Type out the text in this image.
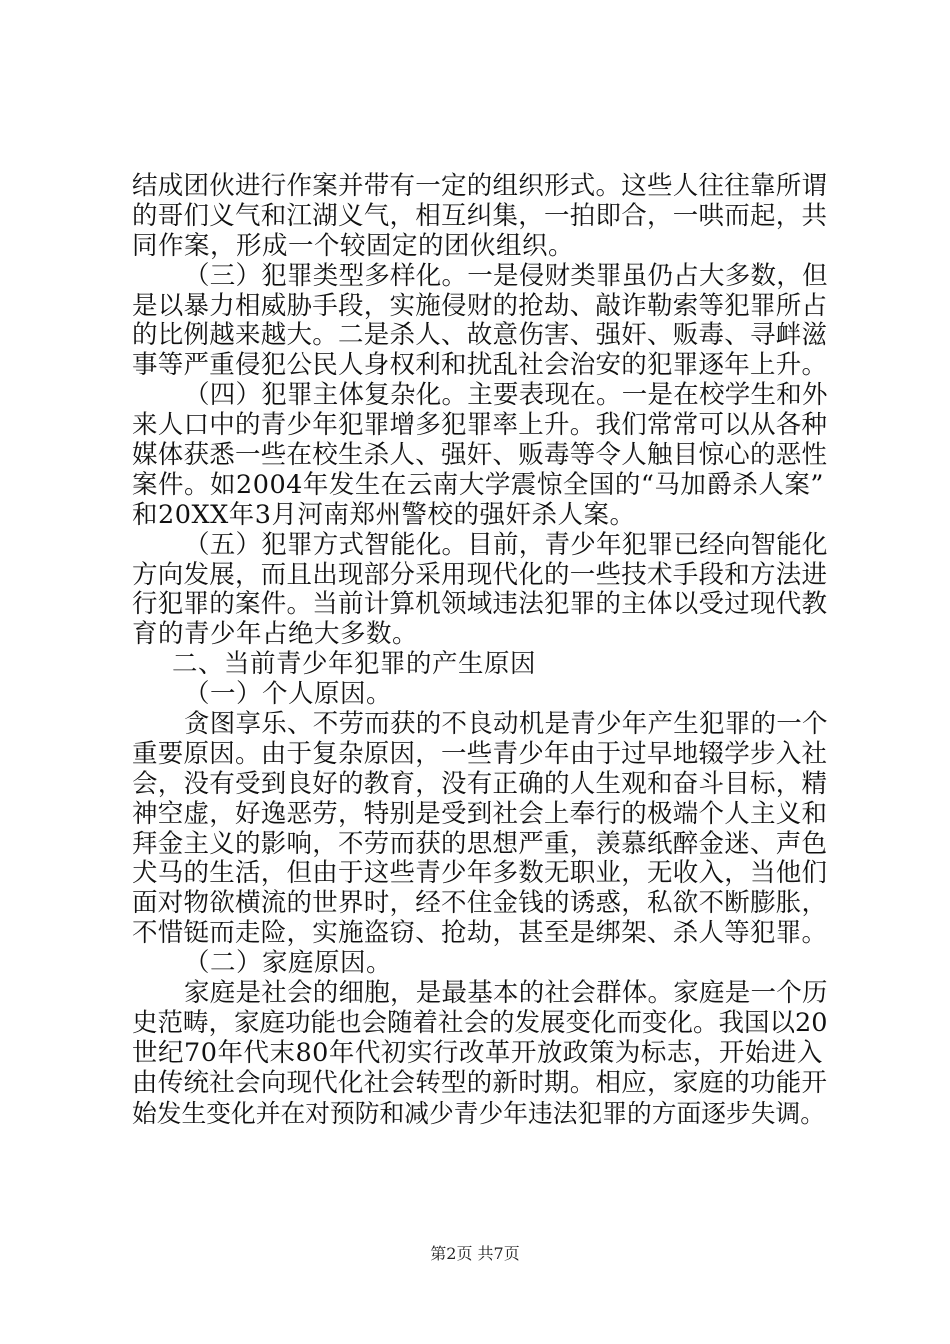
结成团伙进行作案并带有一定的组织形式。这些人往往靠所谓
的哥们义气和江湖义气，相互纠集，一拍即合，一哄而起，共
同作案，形成一个较固定的团伙组织。
（三）犯罪类型多样化。一是侵财类罪虽仍占大多数，但
是以暴力相威胁手段，实施侵财的抢劫、敲诈勒索等犯罪所占
的比例越来越大。二是杀人、故意伤害、强奸、贩毒、寻衅滋
事等严重侵犯公民人身权利和扰乱社会治安的犯罪逐年上升。
（四）犯罪主体复杂化。主要表现在。一是在校学生和外
来人口中的青少年犯罪增多犯罪率上升。我们常常可以从各种
媒体获悉一些在校生杀人、强奸、贩毒等令人触目惊心的恶性
案件。如2004年发生在云南大学震惊全国的“马加爵杀人案”
和20XX年3月河南郑州警校的强奸杀人案。
（五）犯罪方式智能化。目前，青少年犯罪已经向智能化
方向发展，而且出现部分采用现代化的一些技术手段和方法进
行犯罪的案件。当前计算机领域违法犯罪的主体以受过现代教
育的青少年占绝大多数。
二、当前青少年犯罪的产生原因
（一）个人原因。
贪图享乐、不劳而获的不良动机是青少年产生犯罪的一个
重要原因。由于复杂原因，一些青少年由于过早地辍学步入社
会，没有受到良好的教育，没有正确的人生观和奋斗目标，精
神空虚，好逸恶劳，特别是受到社会上奉行的极端个人主义和
拜金主义的影响，不劳而获的思想严重，羡慕纸醉金迷、声色
犬马的生活，但由于这些青少年多数无职业，无收入，当他们
面对物欲横流的世界时，经不住金钱的诱惑，私欲不断膨胀，
不惜铤而走险，实施盗窃、抢劫，甚至是绑架、杀人等犯罪。
（二）家庭原因。
家庭是社会的细胞，是最基本的社会群体。家庭是一个历
史范畴，家庭功能也会随着社会的发展变化而变化。我国以20
世纪70年代末80年代初实行改革开放政策为标志，开始进入
由传统社会向现代化社会转型的新时期。相应，家庭的功能开
始发生变化并在对预防和减少青少年违法犯罪的方面逐步失调。
第2页 共7页
